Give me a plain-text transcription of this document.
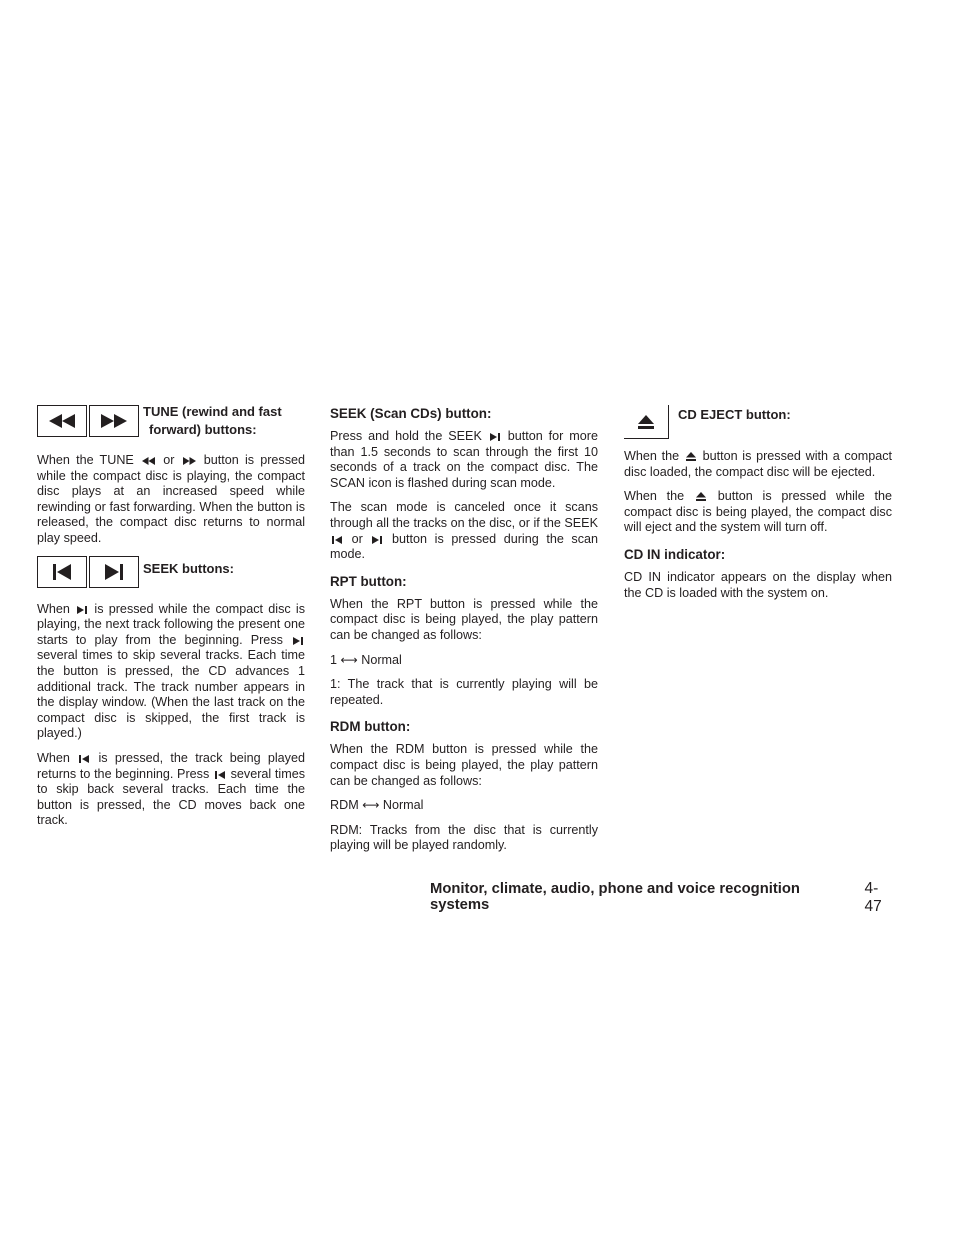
TUNE (rewind and fast
forward) buttons:

When the TUNE or button is pressed while the compact disc is playing, the compact disc plays at an increased speed while rewinding or fast forwarding. When the button is released, the compact disc returns to normal play speed.

SEEK buttons:

When is pressed while the compact disc is playing, the next track following the present one starts to play from the beginning. Press  several times to skip several tracks. Each time the button is pressed, the CD advances 1 additional track. The track number appears in the display window. (When the last track on the compact disc is skipped, the first track is played.)

When is pressed, the track being played returns to the beginning. Press several times to skip back several tracks. Each time the button is pressed, the CD moves back one track.

SEEK (Scan CDs) button:

Press and hold the SEEK button for more than 1.5 seconds to scan through the first 10 seconds of a track on the compact disc. The SCAN icon is flashed during scan mode.

The scan mode is canceled once it scans through all the tracks on the disc, or if the SEEK  or button is pressed during the scan mode.

RPT button:

When the RPT button is pressed while the compact disc is being played, the play pattern can be changed as follows:

1 ⟷ Normal

1: The track that is currently playing will be repeated.

RDM button:

When the RDM button is pressed while the compact disc is being played, the play pattern can be changed as follows:

RDM ⟷ Normal

RDM: Tracks from the disc that is currently playing will be played randomly.

CD EJECT button:

When the button is pressed with a compact disc loaded, the compact disc will be ejected.

When the	button is pressed while the compact disc is being played, the compact disc will eject and the system will turn off.

CD IN indicator:

CD IN indicator appears on the display when the CD is loaded with the system on.

Monitor, climate, audio, phone and voice recognition systems
4-47
